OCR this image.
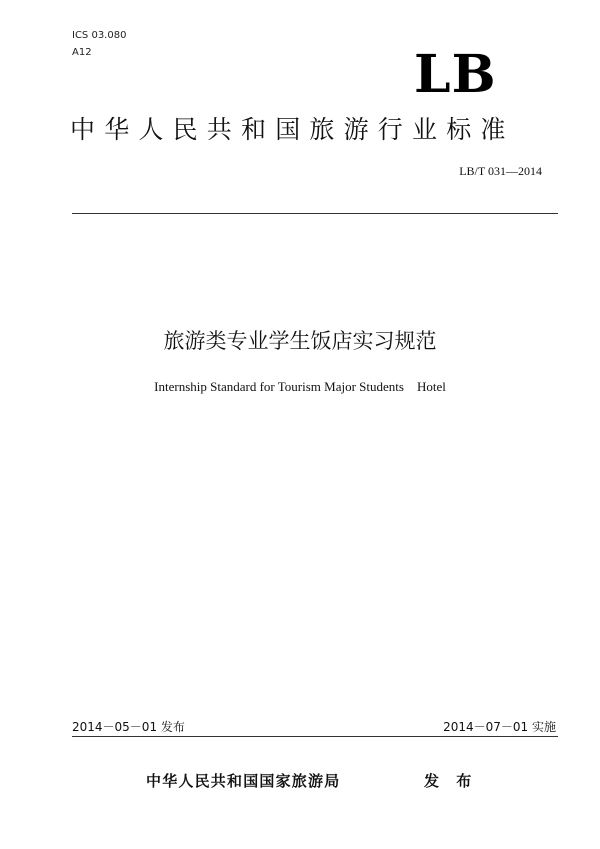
ICS 03.080
A12	LB
中华人民共和国旅游行业标准
LB/T 031—2014
旅游类专业学生饭店实习规范
Internship Standard for Tourism Major Students    Hotel
2014－05－01 发布	2014－07－01 实施
中华人民共和国国家旅游局	发 布
